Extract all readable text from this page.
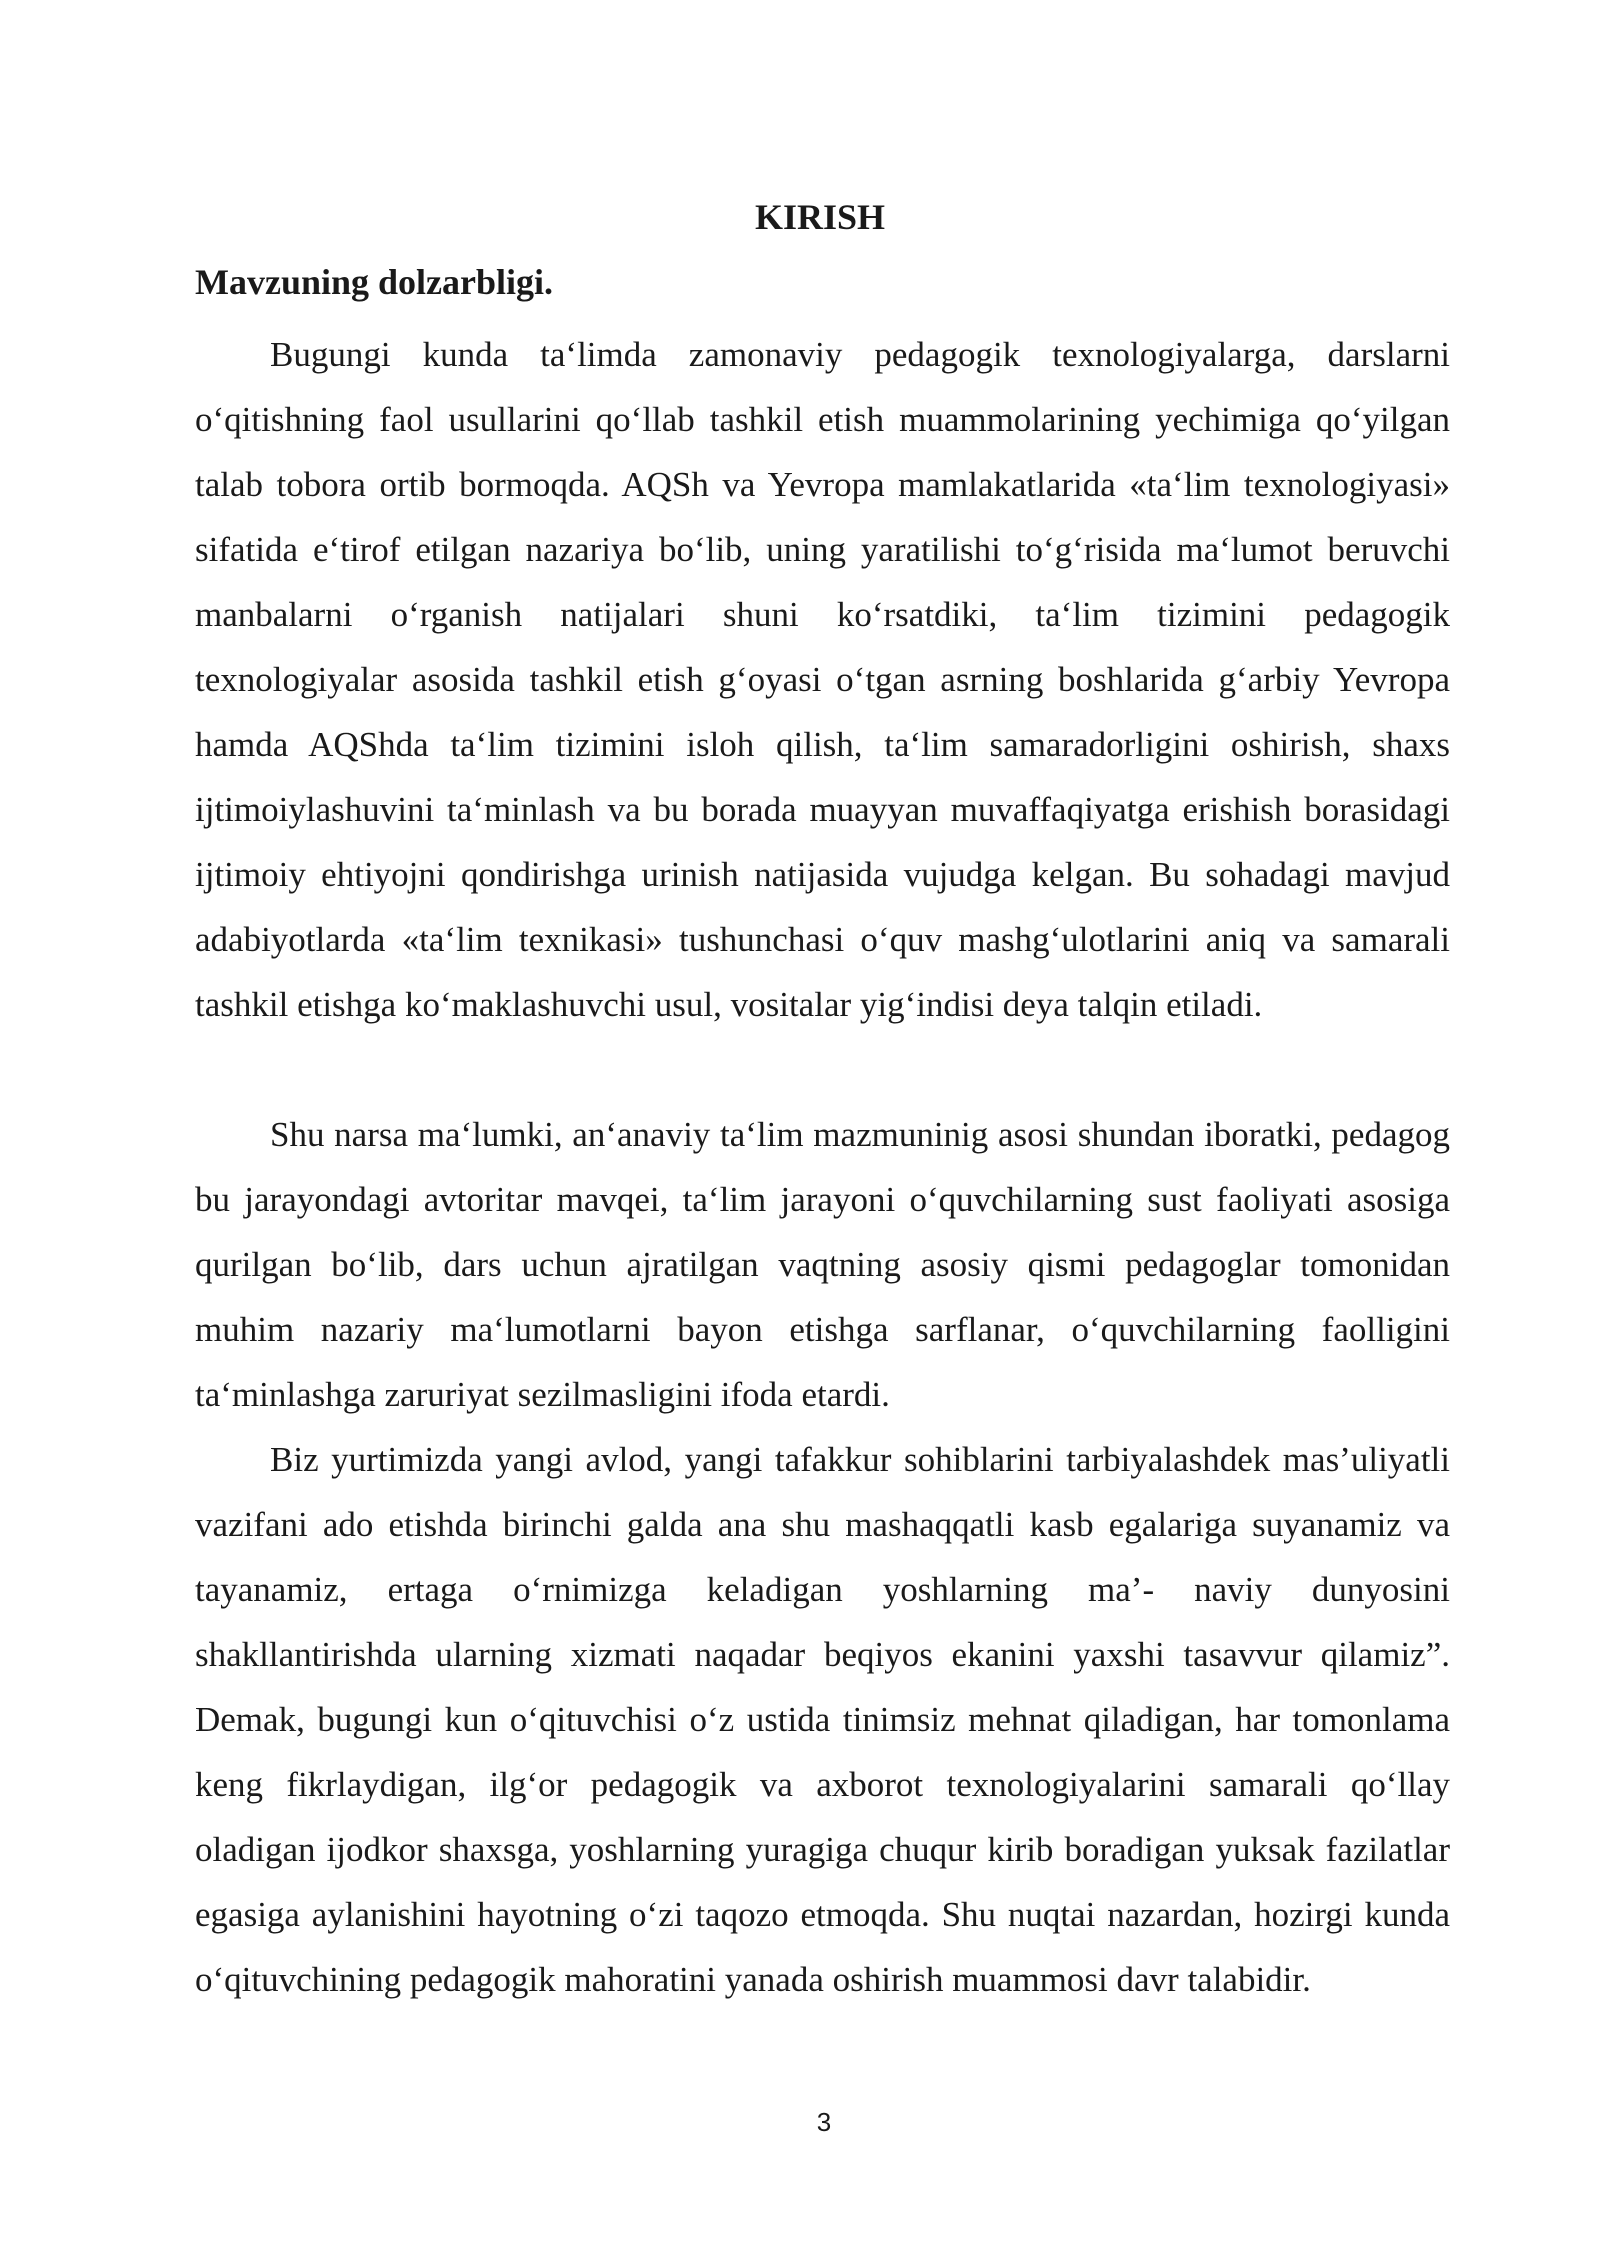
KIRISH
Mavzuning dolzarbligi.

Bugungi kunda ta‘limda zamonaviy pedagogik texnologiyalarga, darslarni o‘qitishning faol usullarini qo‘llab tashkil etish muammolarining yechimiga qo‘yilgan talab tobora ortib bormoqda. AQSh va Yevropa mamlakatlarida «ta‘lim texnologiyasi» sifatida e‘tirof etilgan nazariya bo‘lib, uning yaratilishi to‘g‘risida ma‘lumot beruvchi manbalarni o‘rganish natijalari shuni ko‘rsatdiki, ta‘lim tizimini pedagogik texnologiyalar asosida tashkil etish g‘oyasi o‘tgan asrning boshlarida g‘arbiy Yevropa hamda AQShda ta‘lim tizimini isloh qilish, ta‘lim samaradorligini oshirish, shaxs ijtimoiylashuvini ta‘minlash va bu borada muayyan muvaffaqiyatga erishish borasidagi ijtimoiy ehtiyojni qondirishga urinish natijasida vujudga kelgan. Bu sohadagi mavjud adabiyotlarda «ta‘lim texnikasi» tushunchasi o‘quv mashg‘ulotlarini aniq va samarali tashkil etishga ko‘maklashuvchi usul, vositalar yig‘indisi deya talqin etiladi.

Shu narsa ma‘lumki, an‘anaviy ta‘lim mazmuninig asosi shundan iboratki, pedagog bu jarayondagi avtoritar mavqei, ta‘lim jarayoni o‘quvchilarning sust faoliyati asosiga qurilgan bo‘lib, dars uchun ajratilgan vaqtning asosiy qismi pedagoglar tomonidan muhim nazariy ma‘lumotlarni bayon etishga sarflanar, o‘quvchilarning faolligini ta‘minlashga zaruriyat sezilmasligini ifoda etardi.

Biz yurtimizda yangi avlod, yangi tafakkur sohiblarini tarbiyalashdek mas’uliyatli vazifani ado etishda birinchi galda ana shu mashaqqatli kasb egalariga suyanamiz va tayanamiz, ertaga o‘rnimizga keladigan yoshlarning ma’- naviy dunyosini shakllantirishda ularning xizmati naqadar beqiyos ekanini yaxshi tasavvur qilamiz”. Demak, bugungi kun o‘qituvchisi o‘z ustida tinimsiz mehnat qiladigan, har tomonlama keng fikrlaydigan, ilg‘or pedagogik va axborot texnologiyalarini samarali qo‘llay oladigan ijodkor shaxsga, yoshlarning yuragiga chuqur kirib boradigan yuksak fazilatlar egasiga aylanishini hayotning o‘zi taqozo etmoqda. Shu nuqtai nazardan, hozirgi kunda o‘qituvchining pedagogik mahoratini yanada oshirish muammosi davr talabidir.

3
